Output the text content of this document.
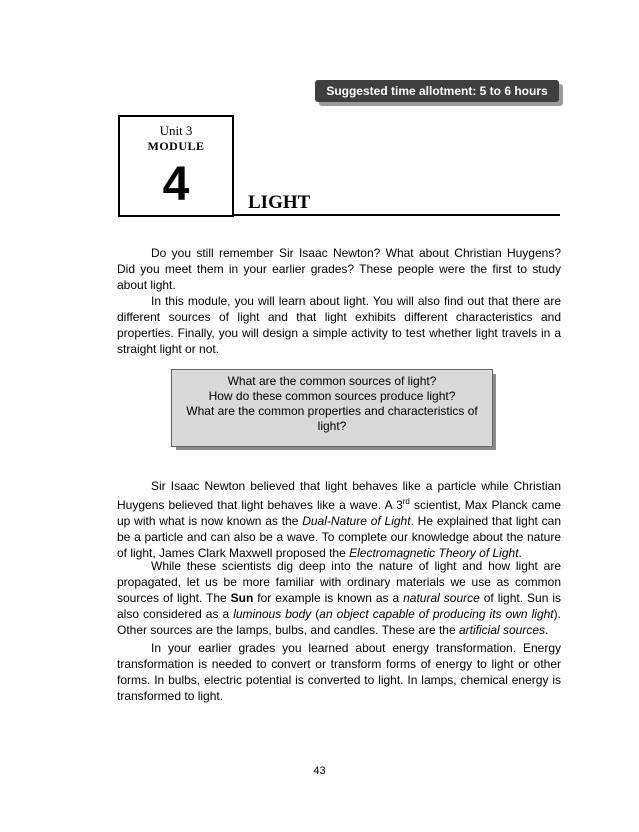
Suggested time allotment: 5 to 6 hours
Unit 3
MODULE
4	LIGHT

Do you still remember Sir Isaac Newton? What about Christian Huygens? Did you meet them in your earlier grades? These people were the first to study about light.

In this module, you will learn about light. You will also find out that there are different sources of light and that light exhibits different characteristics and properties. Finally, you will design a simple activity to test whether light travels in a straight light or not.

What are the common sources of light?
How do these common sources produce light?
What are the common properties and characteristics of light?

Sir Isaac Newton believed that light behaves like a particle while Christian Huygens believed that light behaves like a wave. A 3rd scientist, Max Planck came up with what is now known as the Dual-Nature of Light. He explained that light can be a particle and can also be a wave. To complete our knowledge about the nature of light, James Clark Maxwell proposed the Electromagnetic Theory of Light.

While these scientists dig deep into the nature of light and how light are propagated, let us be more familiar with ordinary materials we use as common sources of light. The Sun for example is known as a natural source of light. Sun is also considered as a luminous body (an object capable of producing its own light). Other sources are the lamps, bulbs, and candles. These are the artificial sources.

In your earlier grades you learned about energy transformation. Energy transformation is needed to convert or transform forms of energy to light or other forms. In bulbs, electric potential is converted to light. In lamps, chemical energy is transformed to light.

43
